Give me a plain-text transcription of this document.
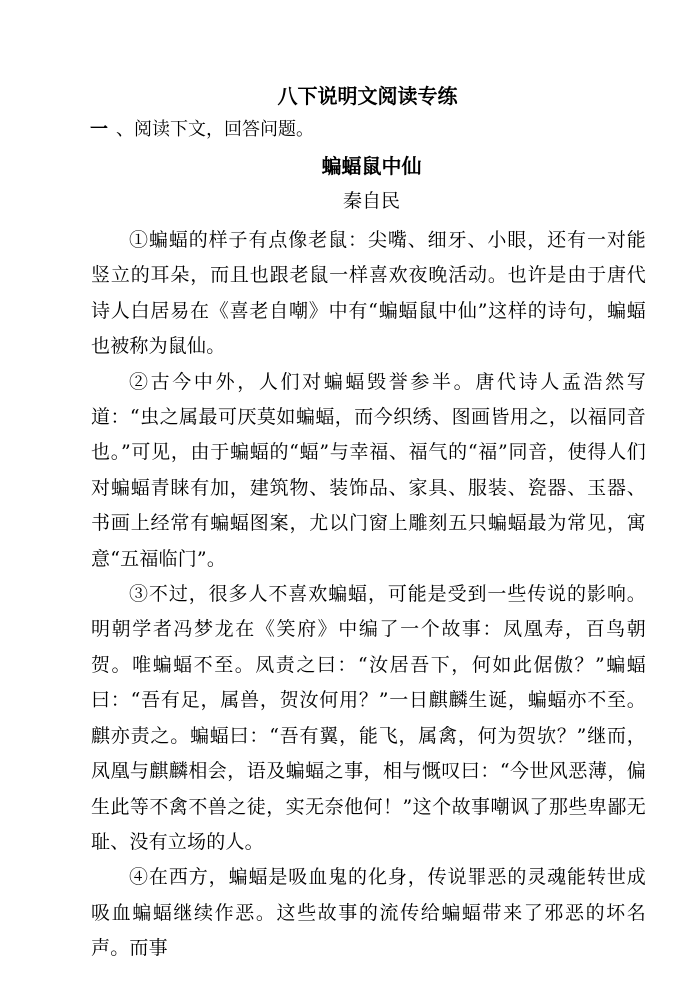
八下说明文阅读专练
一 、阅读下文，回答问题。
蝙蝠鼠中仙
秦自民

①蝙蝠的样子有点像老鼠：尖嘴、细牙、小眼，还有一对能竖立的耳朵，而且也跟老鼠一样喜欢夜晚活动。也许是由于唐代诗人白居易在《喜老自嘲》中有“蝙蝠鼠中仙”这样的诗句，蝙蝠也被称为鼠仙。

②古今中外，人们对蝙蝠毁誉参半。唐代诗人孟浩然写道：“虫之属最可厌莫如蝙蝠，而今织绣、图画皆用之，以福同音也。”可见，由于蝙蝠的“蝠”与幸福、福气的“福”同音，使得人们对蝙蝠青睐有加，建筑物、装饰品、家具、服装、瓷器、玉器、书画上经常有蝙蝠图案，尤以门窗上雕刻五只蝙蝠最为常见，寓意“五福临门”。

③不过，很多人不喜欢蝙蝠，可能是受到一些传说的影响。明朝学者冯梦龙在《笑府》中编了一个故事：凤凰寿，百鸟朝贺。唯蝙蝠不至。凤责之曰：“汝居吾下，何如此倨傲？”蝙蝠曰：“吾有足，属兽，贺汝何用？”一日麒麟生诞，蝙蝠亦不至。麒亦责之。蝙蝠曰：“吾有翼，能飞，属禽，何为贺欤？”继而，凤凰与麒麟相会，语及蝙蝠之事，相与慨叹曰：“今世风恶薄，偏生此等不禽不兽之徒，实无奈他何！”这个故事嘲讽了那些卑鄙无耻、没有立场的人。

④在西方，蝙蝠是吸血鬼的化身，传说罪恶的灵魂能转世成吸血蝙蝠继续作恶。这些故事的流传给蝙蝠带来了邪恶的坏名声。而事
